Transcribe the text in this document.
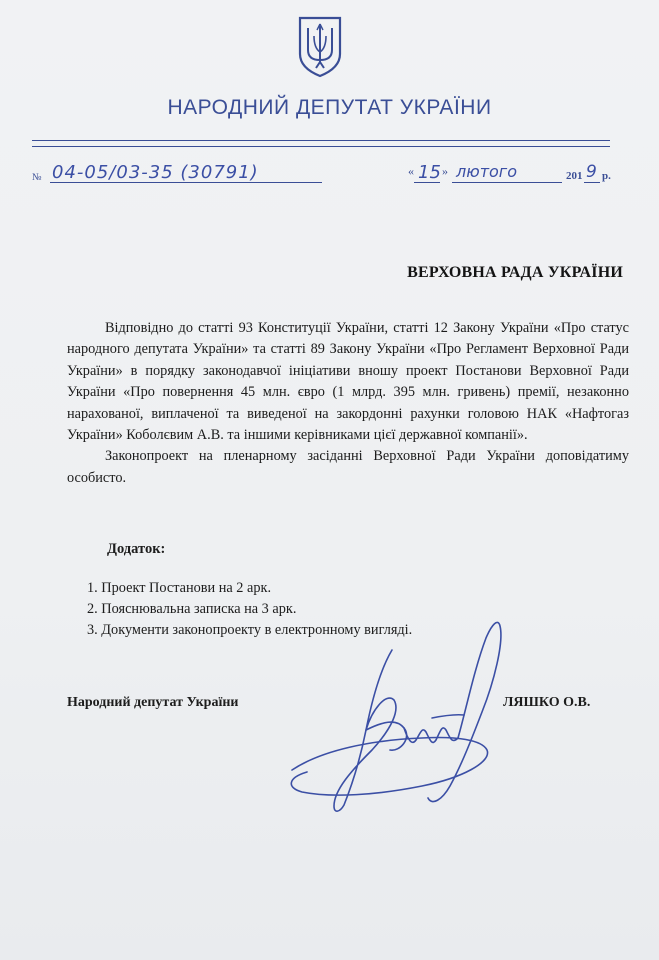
НАРОДНИЙ ДЕПУТАТ УКРАЇНИ
№ 04-05/03-35 (30791)	« 15 » лютого	201 9 р.
ВЕРХОВНА РАДА УКРАЇНИ

Відповідно до статті 93 Конституції України, статті 12 Закону України «Про статус народного депутата України» та статті 89 Закону України «Про Регламент Верховної Ради України» в порядку законодавчої ініціативи вношу проект Постанови Верховної Ради України «Про повернення 45 млн. євро (1 млрд. 395 млн. гривень) премії, незаконно нарахованої, виплаченої та виведеної на закордонні рахунки головою НАК «Нафтогаз України» Коболєвим А.В. та іншими керівниками цієї державної компанії».

Законопроект на пленарному засіданні Верховної Ради України доповідатиму особисто.

Додаток:
1. Проект Постанови на 2 арк.
2. Пояснювальна записка на 3 арк.
3. Документи законопроекту в електронному вигляді.
Народний депутат України	ЛЯШКО О.В.
